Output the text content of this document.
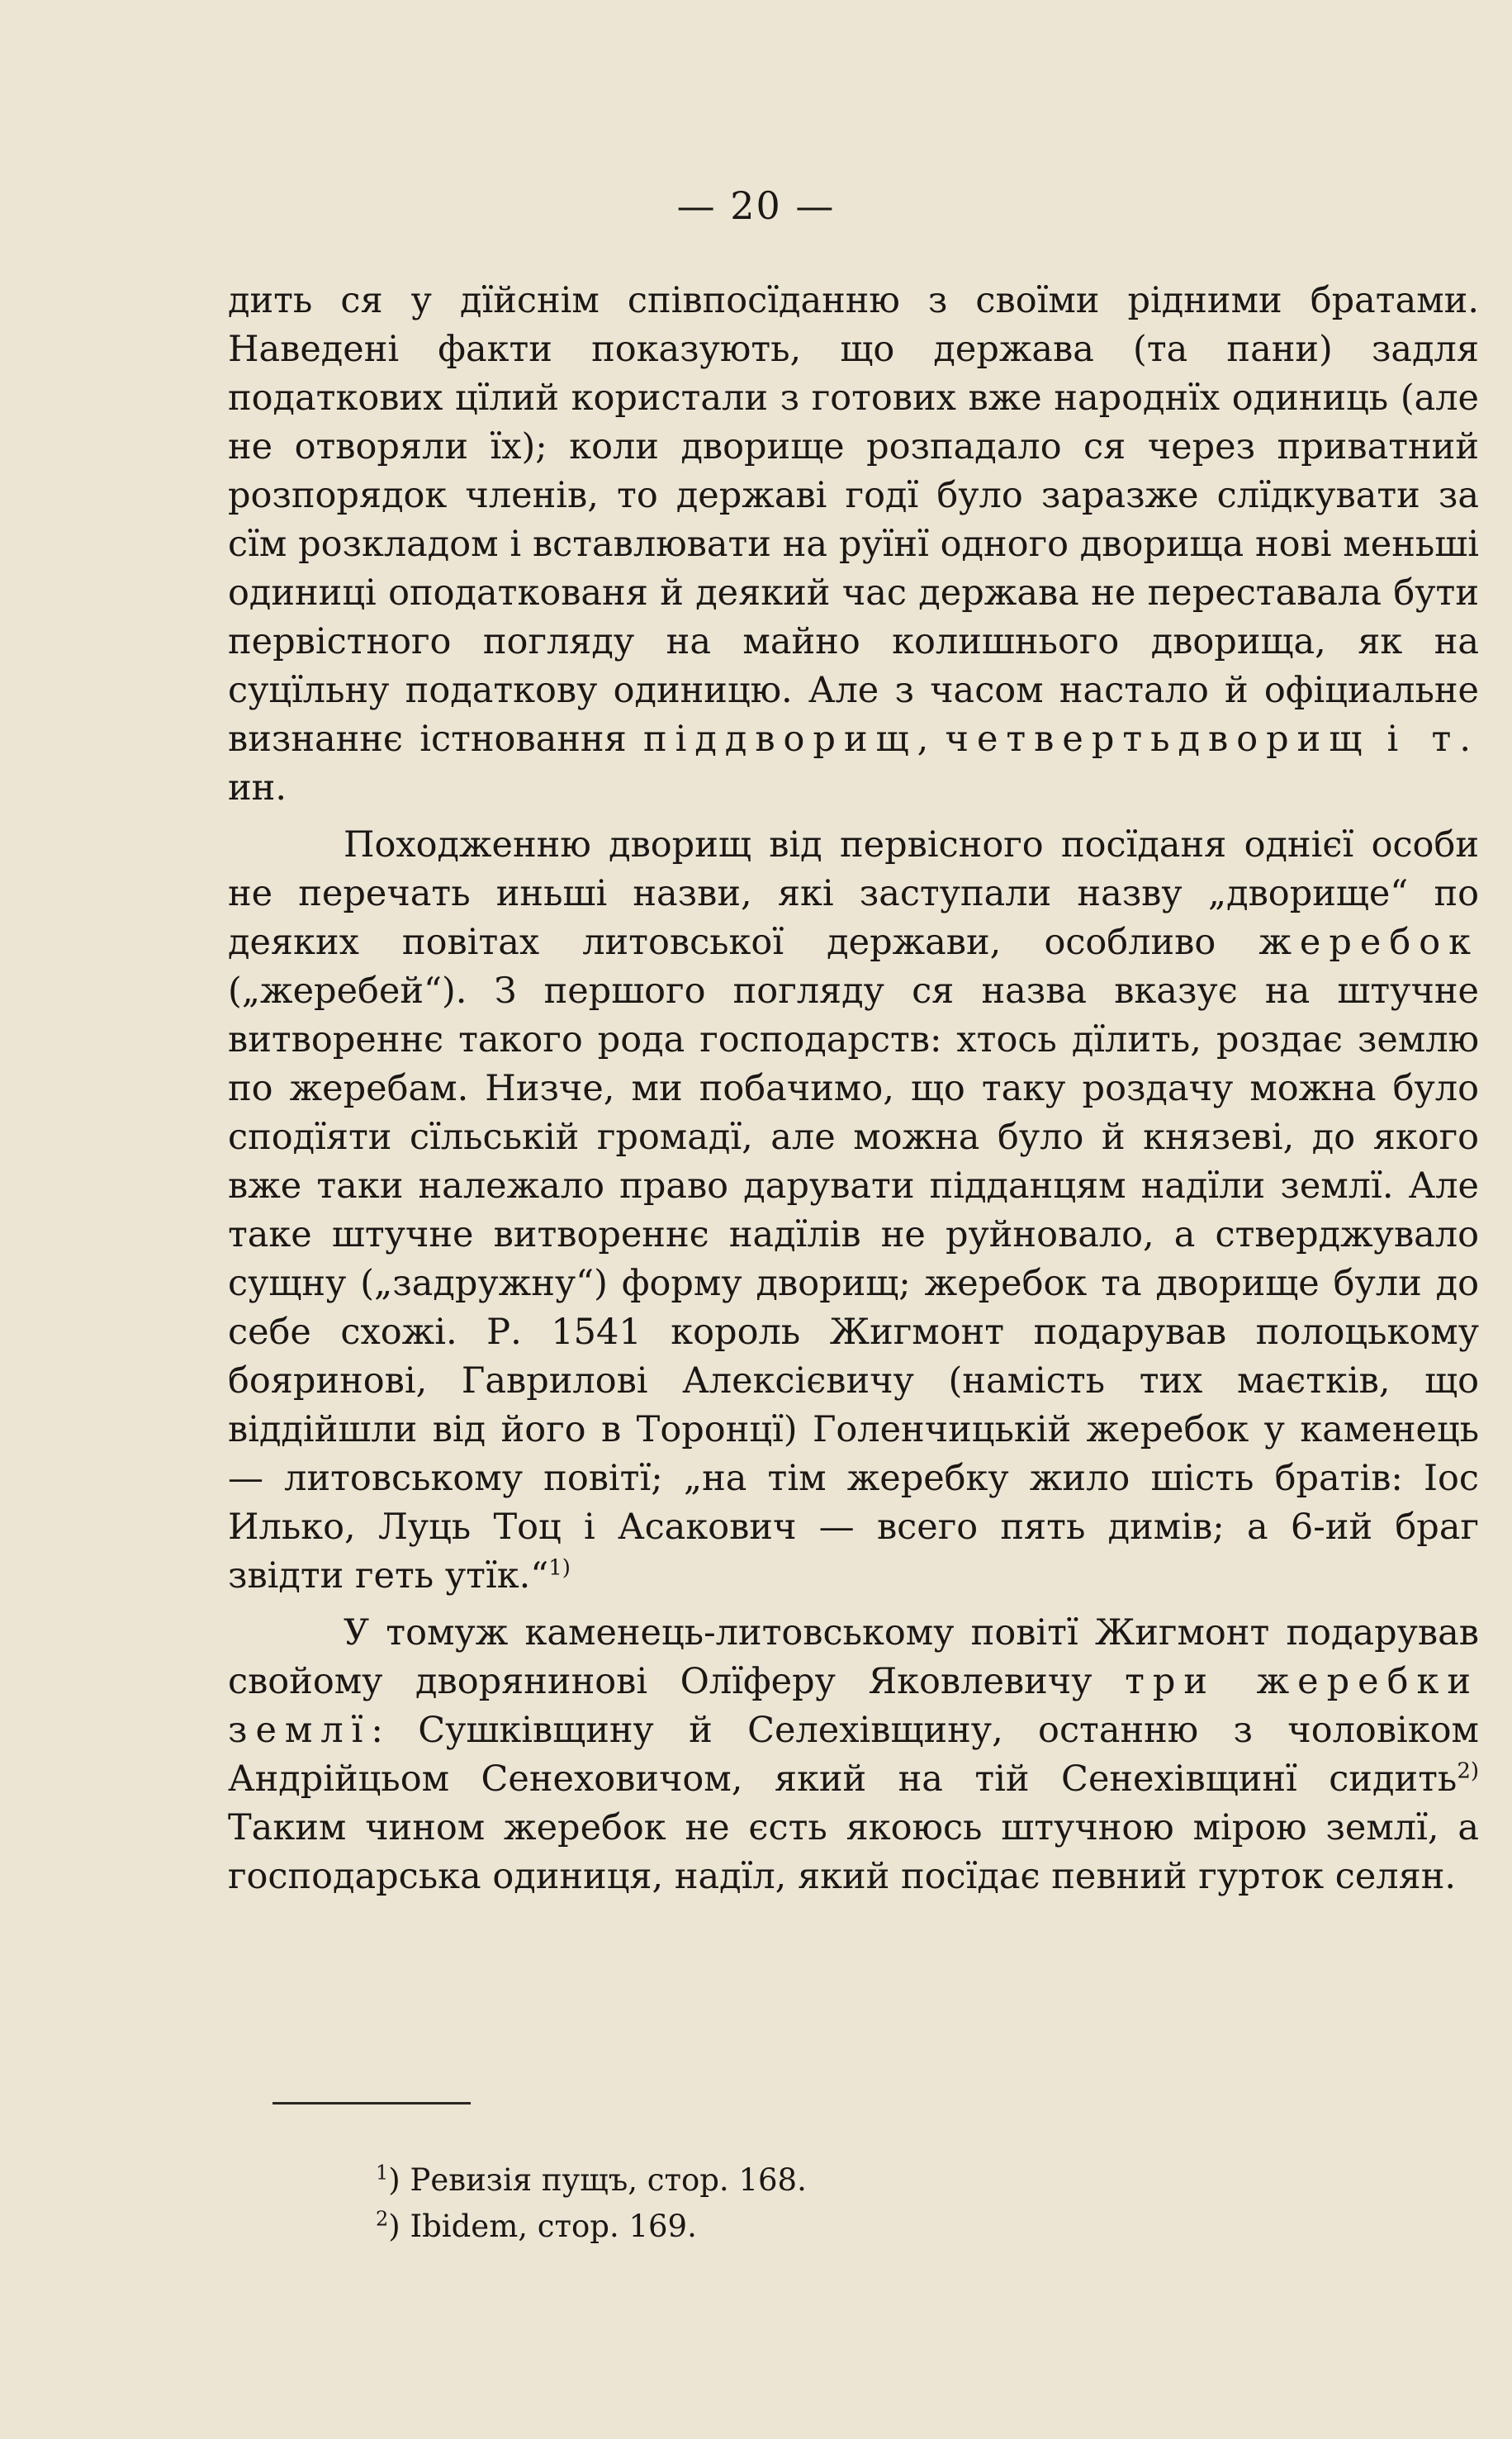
— 20 —

дить ся у дїйснім співпосїданню з своїми рідними братами. Наведені факти показують, що держава (та пани) задля податкових цїлий користали з готових вже народнїх одиниць (але не отворяли їх); коли дворище розпадало ся через приватний розпорядок членів, то державі годї було заразже слїдкувати за сїм розкладом і вставлювати на руїнї одного дворища нові меньші одиниці оподаткованя й деякий час держава не переставала бути первістного погляду на майно колишнього дворища, як на суцїльну податкову одиницю. Але з часом настало й офіциальне визнаннє істновання піддворищ, четвертьдворищ і т. ин.

Походженню дворищ від первісного посїданя однієї особи не перечать иньші назви, які заступали назву „дворище“ по деяких повітах литовської держави, особливо жеребок („жеребей“). З першого погляду ся назва вказує на штучне витвореннє такого рода господарств: хтось дїлить, роздає землю по жеребам. Низче, ми побачимо, що таку роздачу можна було сподїяти сїльській громадї, але можна було й князеві, до якого вже таки належало право дарувати підданцям надїли землї. Але таке штучне витвореннє надїлів не руйновало, а стверджувало сущну („задружну“) форму дворищ; жеребок та дворище були до себе схожі. Р. 1541 король Жигмонт подарував полоцькому бояринові, Гаврилові Алексієвичу (намість тих маєтків, що віддійшли від його в Торонцї) Голенчицькій жеребок у каменець — литовському повітї; „на тім жеребку жило шість братів: Іос Илько, Луць Тоц і Асакович — всего пять димів; а 6-ий браг звідти геть утїк.“$^{1)}$

У томуж каменець-литовському повітї Жигмонт подарував свойому дворянинові Олїферу Яковлевичу три жеребки землї: Сушківщину й Селехівщину, останню з чоловіком Андрійцьом Сенеховичом, який на тій Сенехівщинї сидить$^{2)}$ Таким чином жеребок не єсть якоюсь штучною мірою землї, а господарська одиниця, надїл, який посїдає певний гурток селян.

$^1$) Ревизія пущъ, стор. 168.

$^2$) Ibidem, стор. 169.
